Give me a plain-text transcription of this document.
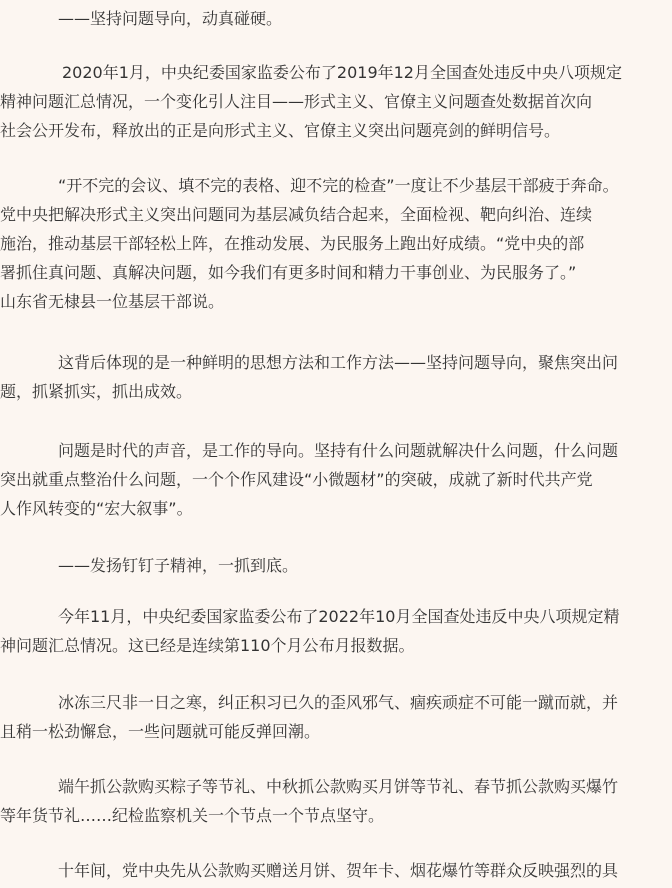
——坚持问题导向，动真碰硬。

2020年1月，中央纪委国家监委公布了2019年12月全国查处违反中央八项规定
精神问题汇总情况，一个变化引人注目——形式主义、官僚主义问题查处数据首次向
社会公开发布，释放出的正是向形式主义、官僚主义突出问题亮剑的鲜明信号。

“开不完的会议、填不完的表格、迎不完的检查”一度让不少基层干部疲于奔命。
党中央把解决形式主义突出问题同为基层减负结合起来，全面检视、靶向纠治、连续
施治，推动基层干部轻松上阵，在推动发展、为民服务上跑出好成绩。“党中央的部
署抓住真问题、真解决问题，如今我们有更多时间和精力干事创业、为民服务了。”
山东省无棣县一位基层干部说。

这背后体现的是一种鲜明的思想方法和工作方法——坚持问题导向，聚焦突出问
题，抓紧抓实，抓出成效。

问题是时代的声音，是工作的导向。坚持有什么问题就解决什么问题，什么问题
突出就重点整治什么问题，一个个作风建设“小微题材”的突破，成就了新时代共产党
人作风转变的“宏大叙事”。

——发扬钉钉子精神，一抓到底。

今年11月，中央纪委国家监委公布了2022年10月全国查处违反中央八项规定精
神问题汇总情况。这已经是连续第110个月公布月报数据。

冰冻三尺非一日之寒，纠正积习已久的歪风邪气、痼疾顽症不可能一蹴而就，并
且稍一松劲懈怠，一些问题就可能反弹回潮。

端午抓公款购买粽子等节礼、中秋抓公款购买月饼等节礼、春节抓公款购买爆竹
等年货节礼……纪检监察机关一个节点一个节点坚守。

十年间，党中央先从公款购买赠送月饼、贺年卡、烟花爆竹等群众反映强烈的具
